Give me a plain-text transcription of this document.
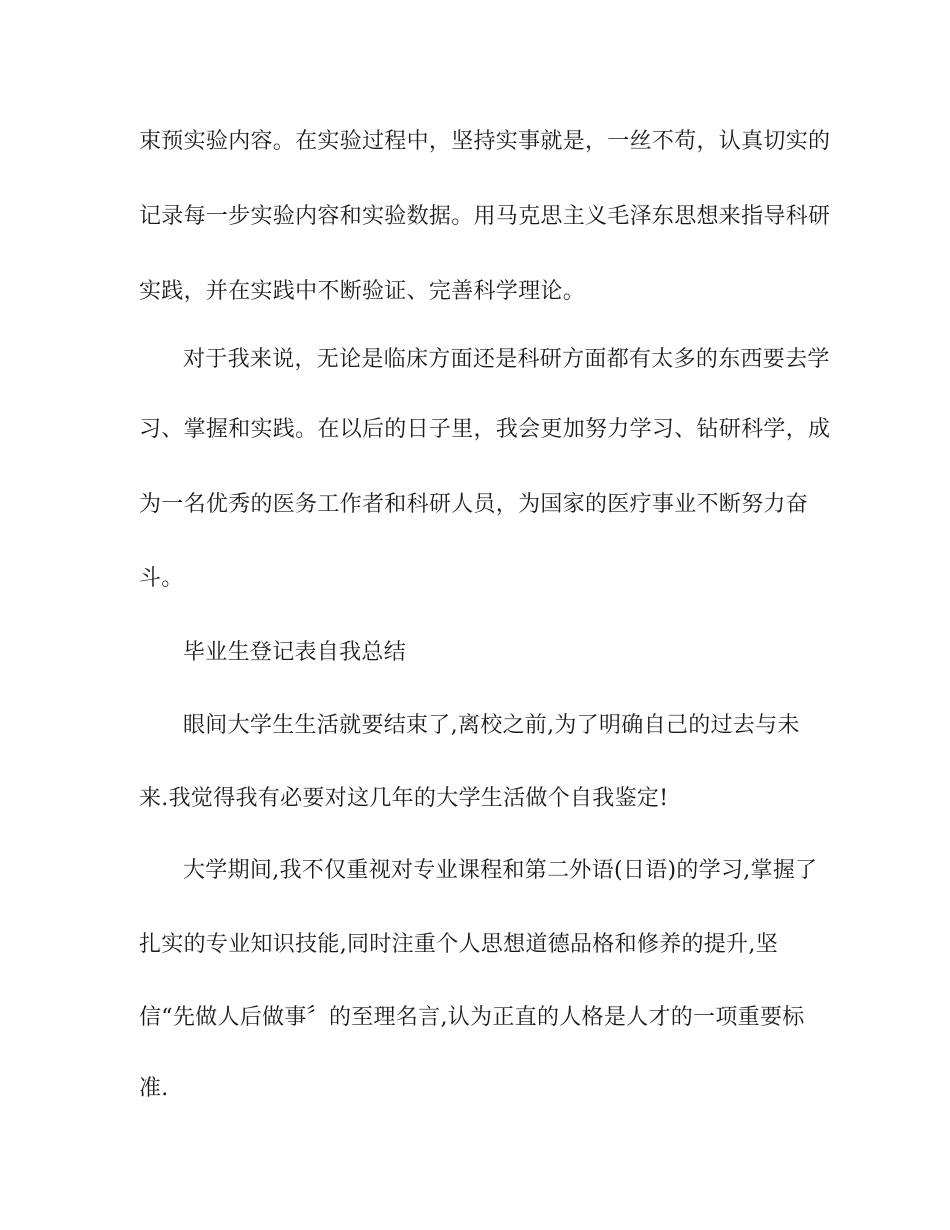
束预实验内容。在实验过程中，坚持实事就是，一丝不苟，认真切实的
记录每一步实验内容和实验数据。用马克思主义毛泽东思想来指导科研
实践，并在实践中不断验证、完善科学理论。
对于我来说，无论是临床方面还是科研方面都有太多的东西要去学
习、掌握和实践。在以后的日子里，我会更加努力学习、钻研科学，成
为一名优秀的医务工作者和科研人员，为国家的医疗事业不断努力奋
斗。
毕业生登记表自我总结
眼间大学生生活就要结束了,离校之前,为了明确自己的过去与未
来.我觉得我有必要对这几年的大学生活做个自我鉴定!
大学期间,我不仅重视对专业课程和第二外语(日语)的学习,掌握了
扎实的专业知识技能,同时注重个人思想道德品格和修养的提升,坚
信“先做人后做事〞的至理名言,认为正直的人格是人才的一项重要标
准.
